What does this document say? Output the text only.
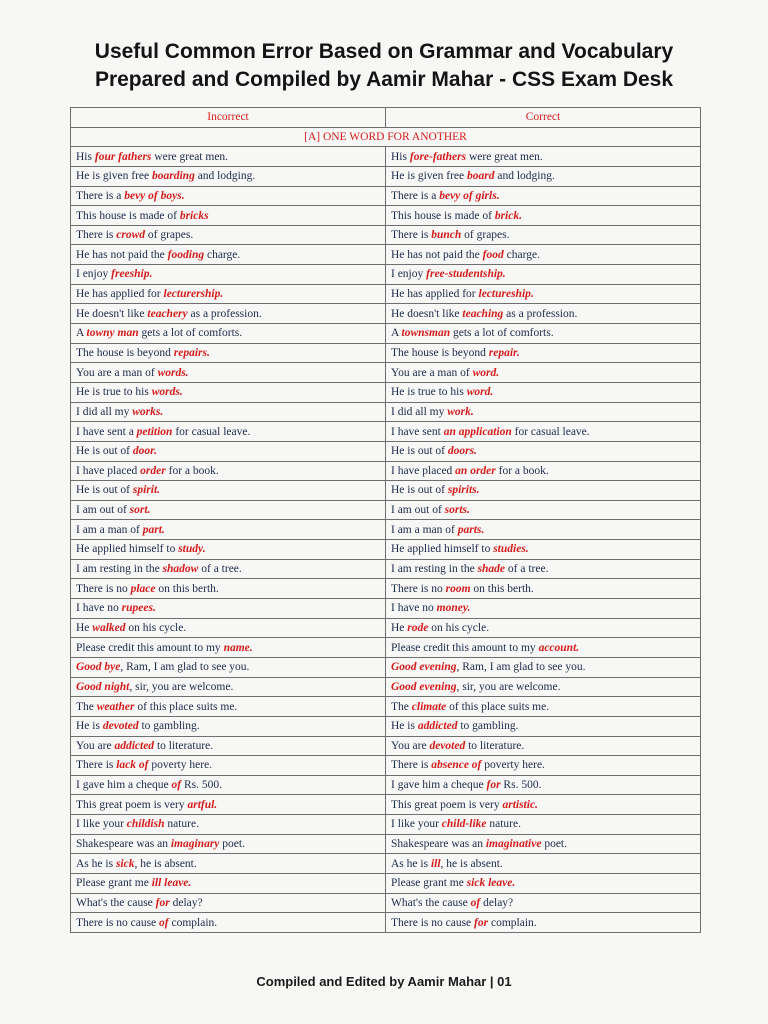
Useful Common Error Based on Grammar and Vocabulary
Prepared and Compiled by Aamir Mahar - CSS Exam Desk
Incorrect	Correct
[A] ONE WORD FOR ANOTHER	
His four fathers were great men.	His fore-fathers were great men.
He is given free boarding and lodging.	He is given free board and lodging.
There is a bevy of boys.	There is a bevy of girls.
This house is made of bricks	This house is made of brick.
There is crowd of grapes.	There is bunch of grapes.
He has not paid the fooding charge.	He has not paid the food charge.
I enjoy freeship.	I enjoy free-studentship.
He has applied for lecturership.	He has applied for lectureship.
He doesn't like teachery as a profession.	He doesn't like teaching as a profession.
A towny man gets a lot of comforts.	A townsman gets a lot of comforts.
The house is beyond repairs.	The house is beyond repair.
You are a man of words.	You are a man of word.
He is true to his words.	He is true to his word.
I did all my works.	I did all my work.
I have sent a petition for casual leave.	I have sent an application for casual leave.
He is out of door.	He is out of doors.
I have placed order for a book.	I have placed an order for a book.
He is out of spirit.	He is out of spirits.
I am out of sort.	I am out of sorts.
I am a man of part.	I am a man of parts.
He applied himself to study.	He applied himself to studies.
I am resting in the shadow of a tree.	I am resting in the shade of a tree.
There is no place on this berth.	There is no room on this berth.
I have no rupees.	I have no money.
He walked on his cycle.	He rode on his cycle.
Please credit this amount to my name.	Please credit this amount to my account.
Good bye, Ram, I am glad to see you.	Good evening, Ram, I am glad to see you.
Good night, sir, you are welcome.	Good evening, sir, you are welcome.
The weather of this place suits me.	The climate of this place suits me.
He is devoted to gambling.	He is addicted to gambling.
You are addicted to literature.	You are devoted to literature.
There is lack of poverty here.	There is absence of poverty here.
I gave him a cheque of Rs. 500.	I gave him a cheque for Rs. 500.
This great poem is very artful.	This great poem is very artistic.
I like your childish nature.	I like your child-like nature.
Shakespeare was an imaginary poet.	Shakespeare was an imaginative poet.
As he is sick, he is absent.	As he is ill, he is absent.
Please grant me ill leave.	Please grant me sick leave.
What's the cause for delay?	What's the cause of delay?
There is no cause of complain.	There is no cause for complain.
Compiled and Edited by Aamir Mahar | 01
